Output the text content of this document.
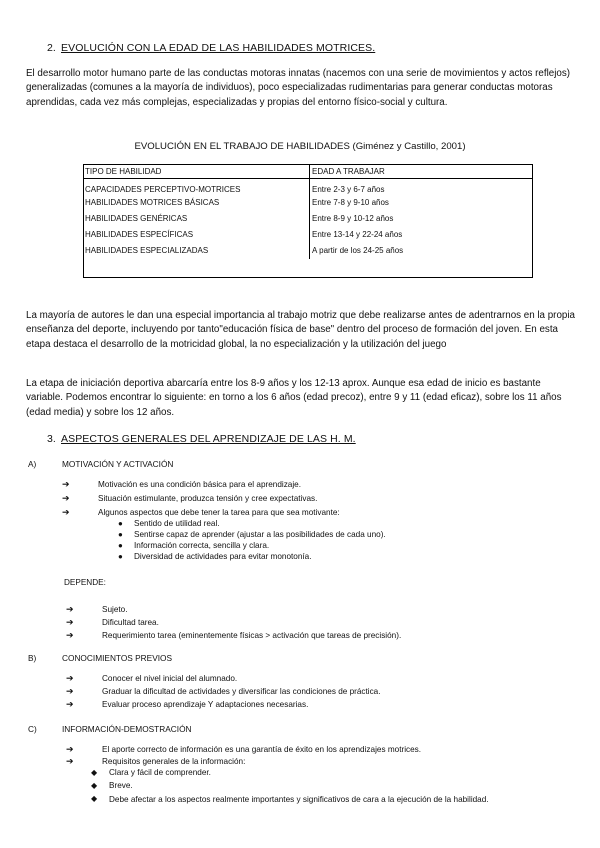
2. EVOLUCIÓN CON LA EDAD DE LAS HABILIDADES MOTRICES.

El desarrollo motor humano parte de las conductas motoras innatas (nacemos con una serie de movimientos y actos reflejos) generalizadas (comunes a la mayoría de individuos), poco especializadas rudimentarias para generar conductas motoras aprendidas, cada vez más complejas, especializadas y propias del entorno físico-social y cultura.

EVOLUCIÓN EN EL TRABAJO DE HABILIDADES (Giménez y Castillo, 2001)
TIPO DE HABILIDAD	EDAD A TRABAJAR
CAPACIDADES PERCEPTIVO-MOTRICES	Entre 2-3 y 6-7 años
HABILIDADES MOTRICES BÁSICAS	Entre 7-8 y 9-10 años
HABILIDADES GENÉRICAS	Entre 8-9 y 10-12 años
HABILIDADES ESPECÍFICAS	Entre 13-14 y 22-24 años
HABILIDADES ESPECIALIZADAS	A partir de los 24-25 años

La mayoría de autores le dan una especial importancia al trabajo motriz que debe realizarse antes de adentrarnos en la propia enseñanza del deporte, incluyendo por tanto"educación física de base" dentro del proceso de formación del joven. En esta etapa destaca el desarrollo de la motricidad global, la no especialización y la utilización del juego

La etapa de iniciación deportiva abarcaría entre los 8-9 años y los 12-13 aprox. Aunque esa edad de inicio es bastante variable. Podemos encontrar lo siguiente: en torno a los 6 años (edad precoz), entre 9 y 11 (edad eficaz), sobre los 11 años (edad media) y sobre los 12 años.

3. ASPECTOS GENERALES DEL APRENDIZAJE DE LAS H. M.
A)	MOTIVACIÓN Y ACTIVACIÓN
➔	Motivación es una condición básica para el aprendizaje.
➔	Situación estimulante, produzca tensión y cree expectativas.
➔	Algunos aspectos que debe tener la tarea para que sea motivante:
● Sentido de utilidad real.
● Sentirse capaz de aprender (ajustar a las posibilidades de cada uno).
● Información correcta, sencilla y clara.
● Diversidad de actividades para evitar monotonía.
DEPENDE:
➔	Sujeto.
➔	Dificultad tarea.
➔	Requerimiento tarea (eminentemente físicas > activación que tareas de precisión).
B)	CONOCIMIENTOS PREVIOS
➔	Conocer el nivel inicial del alumnado.
➔	Graduar la dificultad de actividades y diversificar las condiciones de práctica.
➔	Evaluar proceso aprendizaje Y adaptaciones necesarias.
C)	INFORMACIÓN-DEMOSTRACIÓN
➔	El aporte correcto de información es una garantía de éxito en los aprendizajes motrices.
➔	Requisitos generales de la información:
◆ Clara y fácil de comprender.
◆ Breve.
◆ Debe afectar a los aspectos realmente importantes y significativos de cara a la ejecución de la habilidad.
